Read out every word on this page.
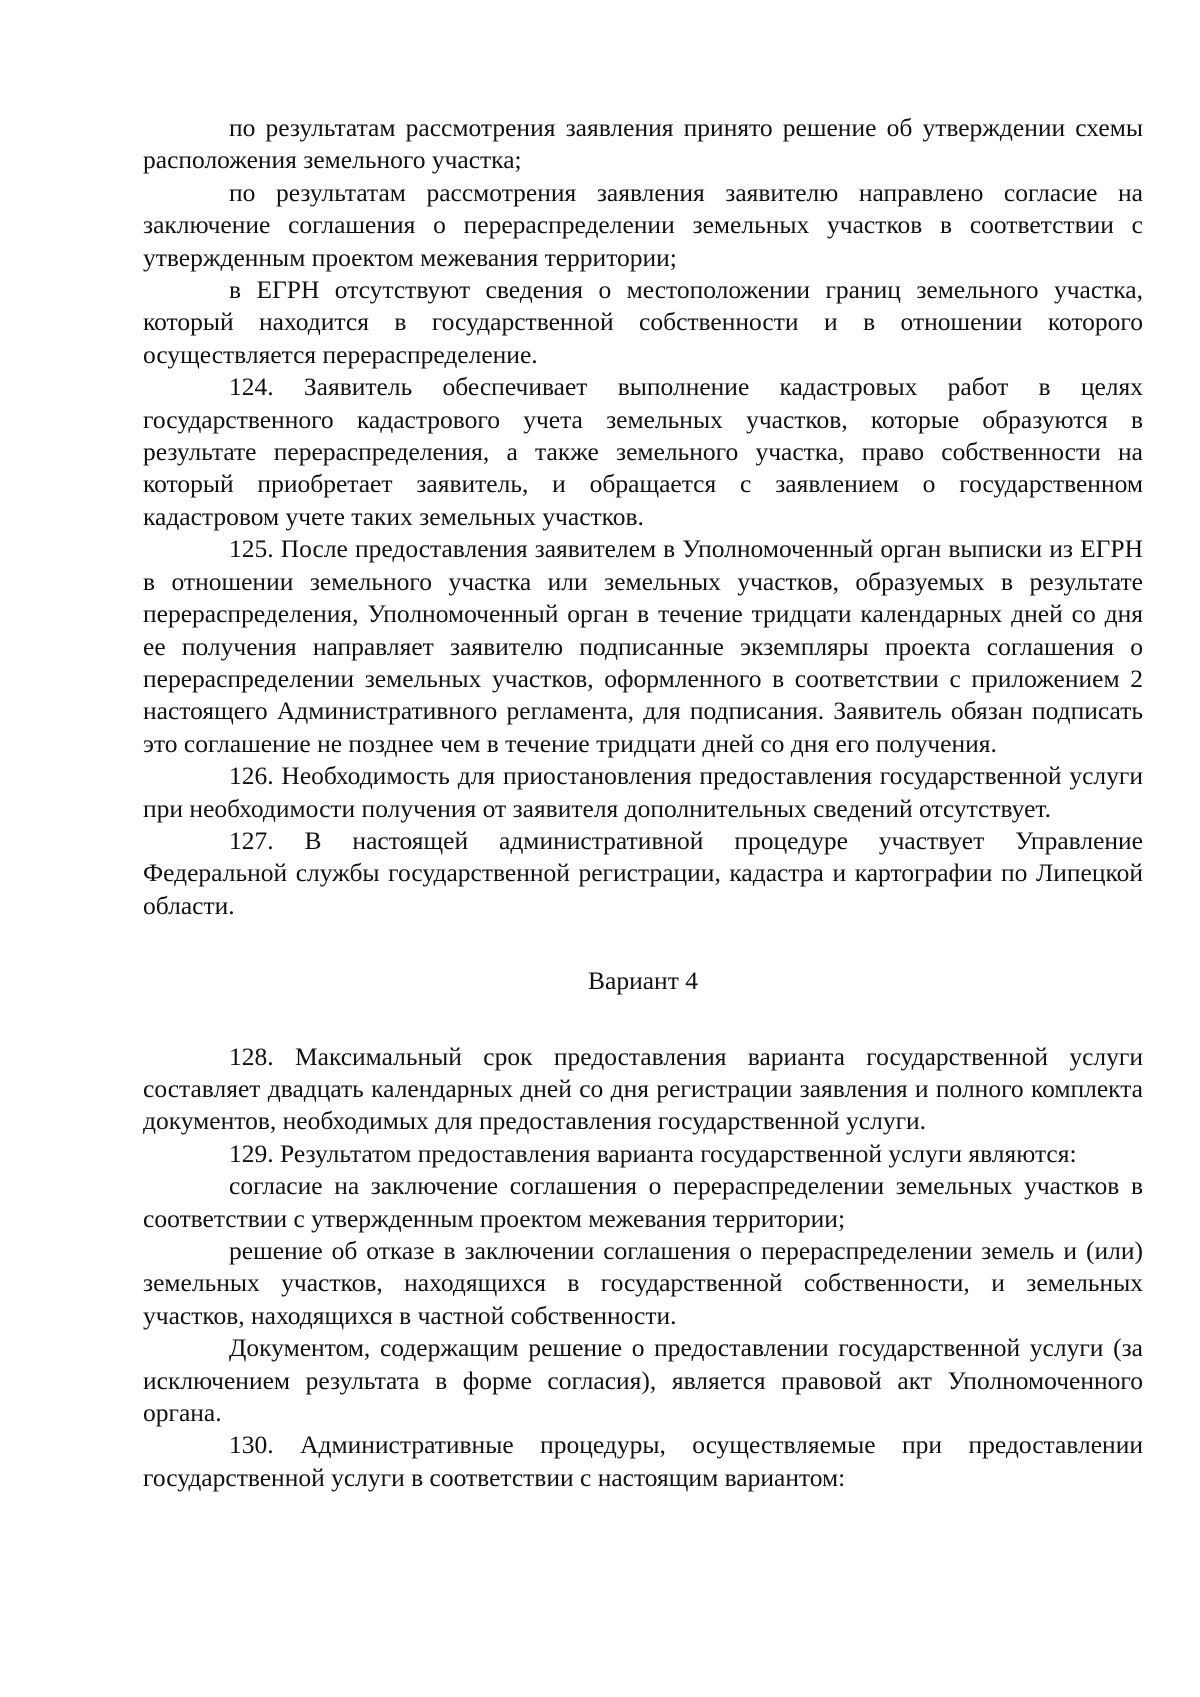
по результатам рассмотрения заявления принято решение об утверждении схемы расположения земельного участка;

по результатам рассмотрения заявления заявителю направлено согласие на заключение соглашения о перераспределении земельных участков в соответствии с утвержденным проектом межевания территории;

в ЕГРН отсутствуют сведения о местоположении границ земельного участка, который находится в государственной собственности и в отношении которого осуществляется перераспределение.

124. Заявитель обеспечивает выполнение кадастровых работ в целях государственного кадастрового учета земельных участков, которые образуются в результате перераспределения, а также земельного участка, право собственности на который приобретает заявитель, и обращается с заявлением о государственном кадастровом учете таких земельных участков.

125. После предоставления заявителем в Уполномоченный орган выписки из ЕГРН в отношении земельного участка или земельных участков, образуемых в результате перераспределения, Уполномоченный орган в течение тридцати календарных дней со дня ее получения направляет заявителю подписанные экземпляры проекта соглашения о перераспределении земельных участков, оформленного в соответствии с приложением 2 настоящего Административного регламента, для подписания. Заявитель обязан подписать это соглашение не позднее чем в течение тридцати дней со дня его получения.

126. Необходимость для приостановления предоставления государственной услуги при необходимости получения от заявителя дополнительных сведений отсутствует.

127. В настоящей административной процедуре участвует Управление Федеральной службы государственной регистрации, кадастра и картографии по Липецкой области.

Вариант 4

128. Максимальный срок предоставления варианта государственной услуги составляет двадцать календарных дней со дня регистрации заявления и полного комплекта документов, необходимых для предоставления государственной услуги.

129. Результатом предоставления варианта государственной услуги являются:

согласие на заключение соглашения о перераспределении земельных участков в соответствии с утвержденным проектом межевания территории;

решение об отказе в заключении соглашения о перераспределении земель и (или) земельных участков, находящихся в государственной собственности, и земельных участков, находящихся в частной собственности.

Документом, содержащим решение о предоставлении государственной услуги (за исключением результата в форме согласия), является правовой акт Уполномоченного органа.

130. Административные процедуры, осуществляемые при предоставлении государственной услуги в соответствии с настоящим вариантом:
